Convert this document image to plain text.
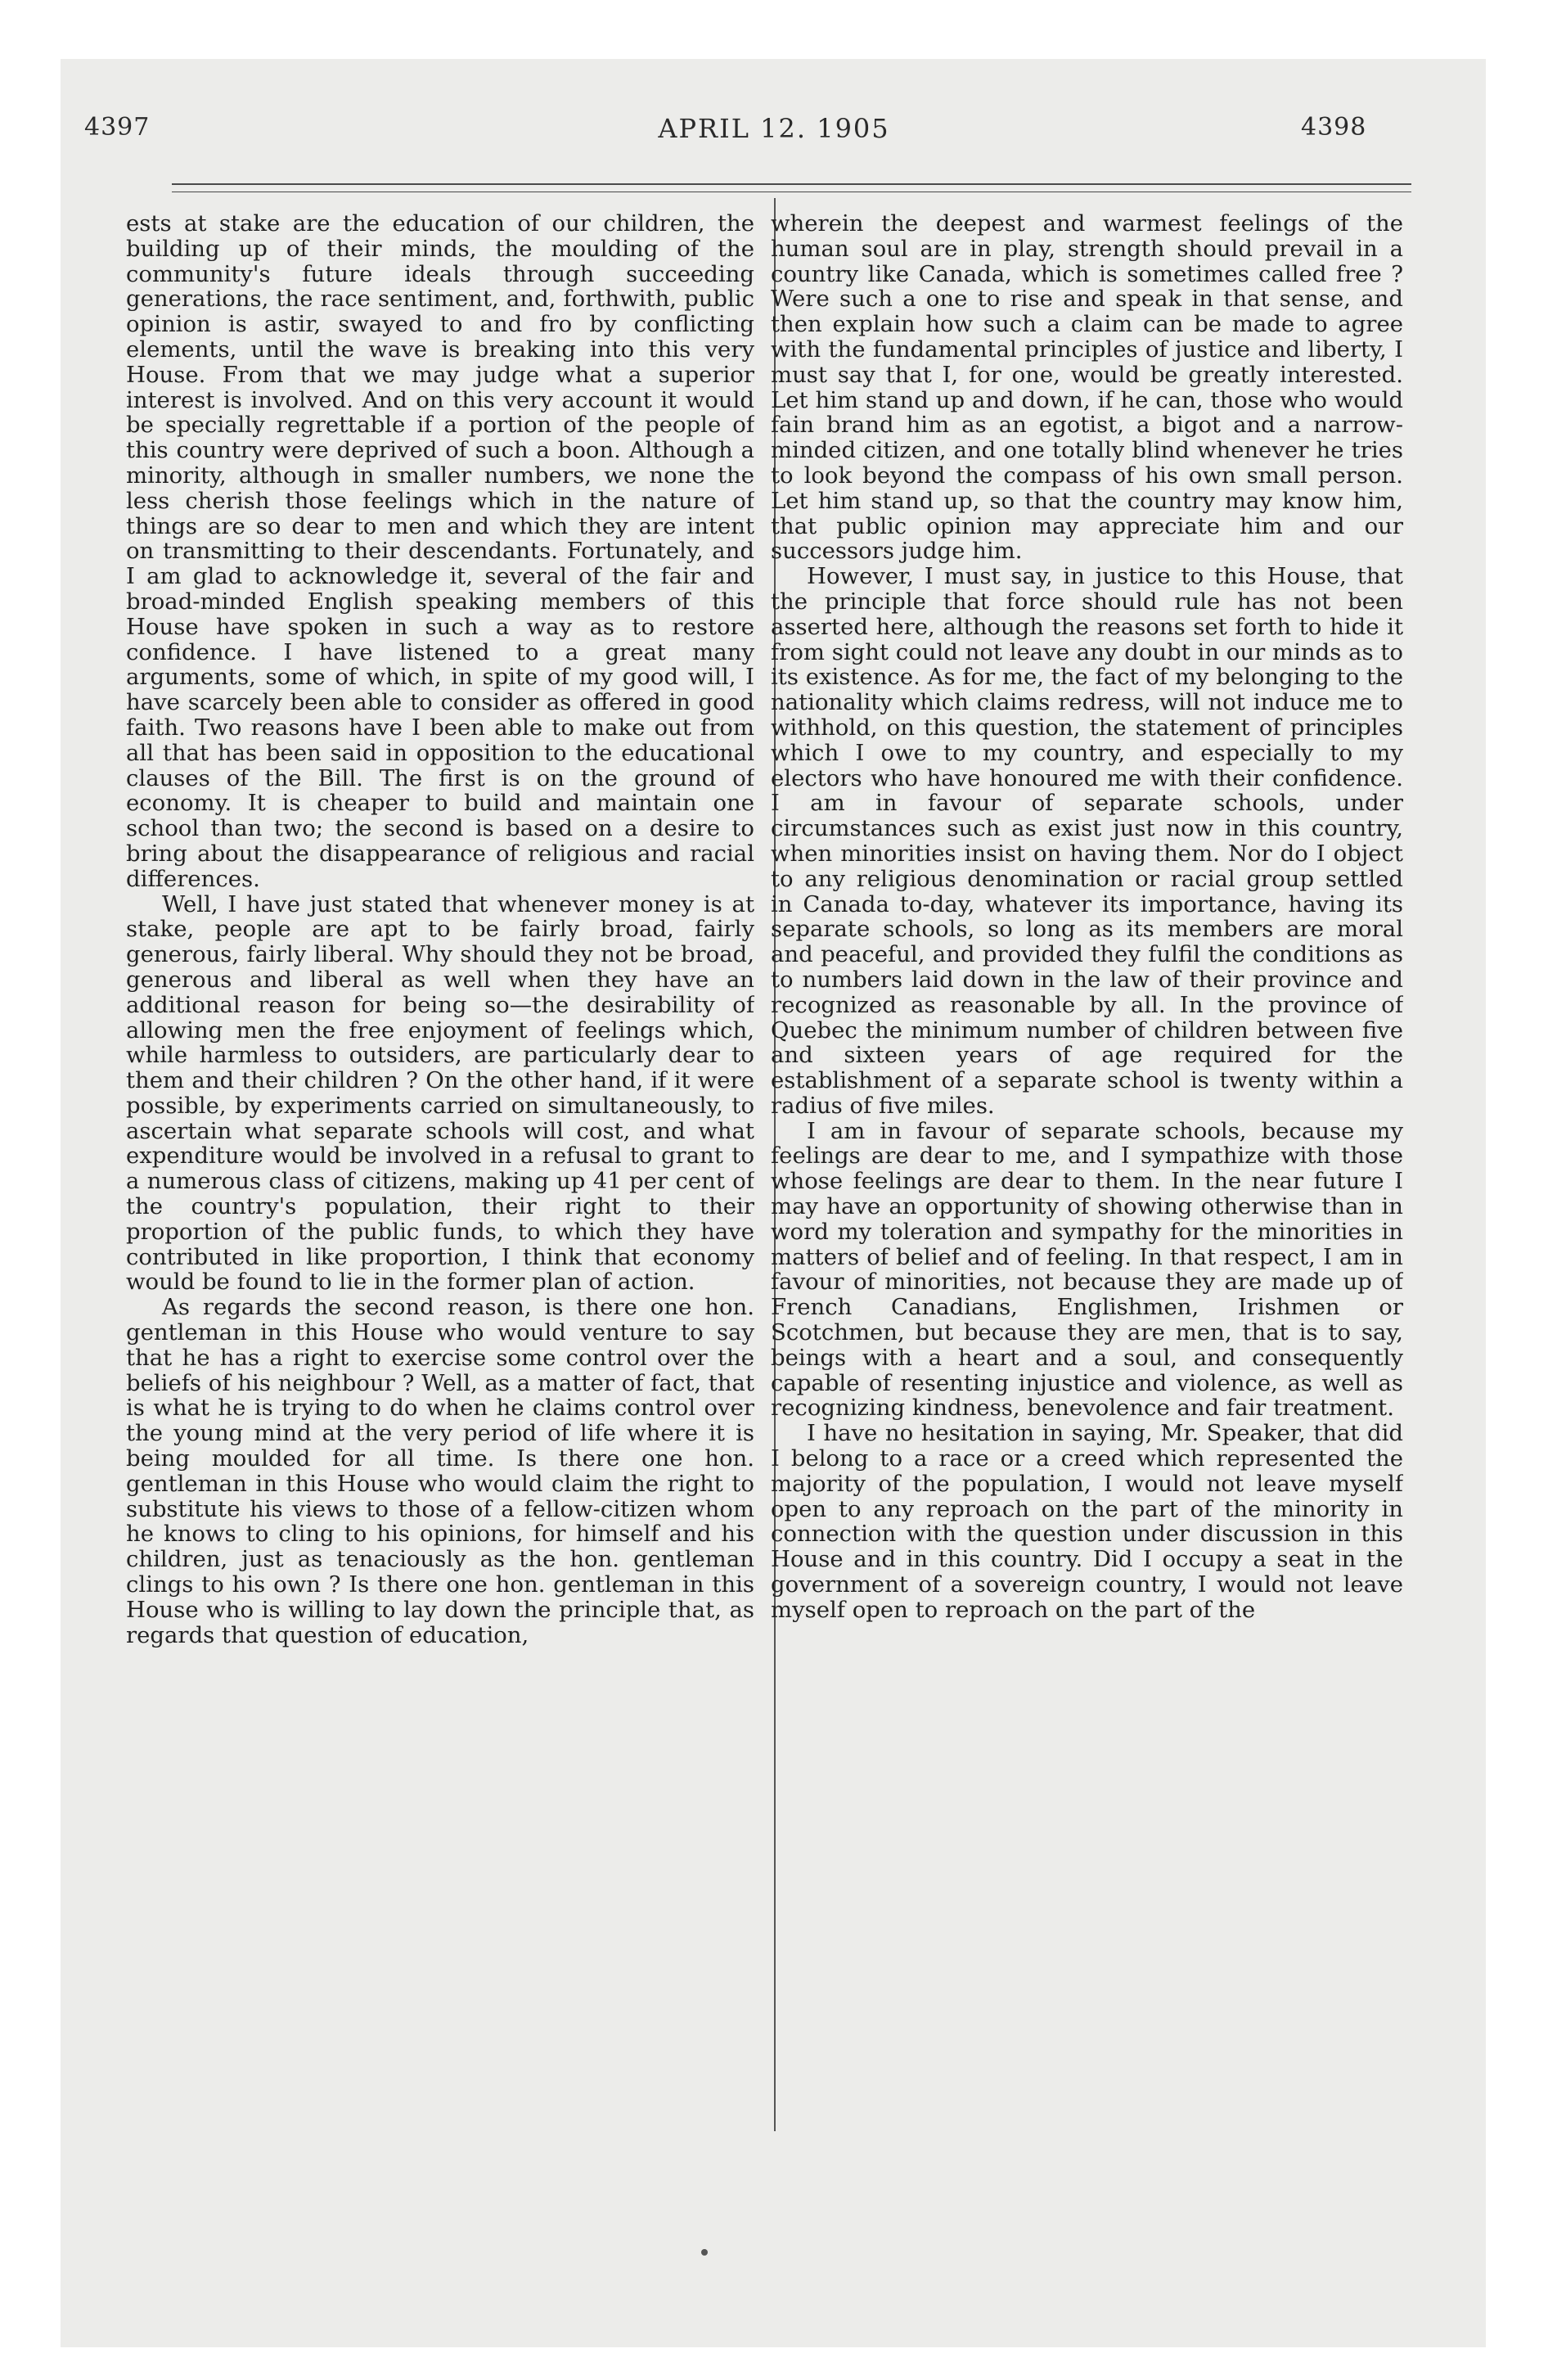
4397	APRIL 12. 1905	4398

ests at stake are the education of our children, the building up of their minds, the moulding of the community's future ideals through succeeding generations, the race sentiment, and, forthwith, public opinion is astir, swayed to and fro by conflicting elements, until the wave is breaking into this very House. From that we may judge what a superior interest is involved. And on this very account it would be specially regrettable if a portion of the people of this country were deprived of such a boon. Although a minority, although in smaller numbers, we none the less cherish those feelings which in the nature of things are so dear to men and which they are intent on transmitting to their descendants. Fortunately, and I am glad to acknowledge it, several of the fair and broad-minded English speaking members of this House have spoken in such a way as to restore confidence. I have listened to a great many arguments, some of which, in spite of my good will, I have scarcely been able to consider as offered in good faith. Two reasons have I been able to make out from all that has been said in opposition to the educational clauses of the Bill. The first is on the ground of economy. It is cheaper to build and maintain one school than two; the second is based on a desire to bring about the disappearance of religious and racial differences.

Well, I have just stated that whenever money is at stake, people are apt to be fairly broad, fairly generous, fairly liberal. Why should they not be broad, generous and liberal as well when they have an additional reason for being so—the desirability of allowing men the free enjoyment of feelings which, while harmless to outsiders, are particularly dear to them and their children ? On the other hand, if it were possible, by experiments carried on simultaneously, to ascertain what separate schools will cost, and what expenditure would be involved in a refusal to grant to a numerous class of citizens, making up 41 per cent of the country's population, their right to their proportion of the public funds, to which they have contributed in like proportion, I think that economy would be found to lie in the former plan of action.

As regards the second reason, is there one hon. gentleman in this House who would venture to say that he has a right to exercise some control over the beliefs of his neighbour ? Well, as a matter of fact, that is what he is trying to do when he claims control over the young mind at the very period of life where it is being moulded for all time. Is there one hon. gentleman in this House who would claim the right to substitute his views to those of a fellow-citizen whom he knows to cling to his opinions, for himself and his children, just as tenaciously as the hon. gentleman clings to his own ? Is there one hon. gentleman in this House who is willing to lay down the principle that, as regards that question of education,

wherein the deepest and warmest feelings of the human soul are in play, strength should prevail in a country like Canada, which is sometimes called free ? Were such a one to rise and speak in that sense, and then explain how such a claim can be made to agree with the fundamental principles of justice and liberty, I must say that I, for one, would be greatly interested. Let him stand up and down, if he can, those who would fain brand him as an egotist, a bigot and a narrow-minded citizen, and one totally blind whenever he tries to look beyond the compass of his own small person. Let him stand up, so that the country may know him, that public opinion may appreciate him and our successors judge him.

However, I must say, in justice to this House, that the principle that force should rule has not been asserted here, although the reasons set forth to hide it from sight could not leave any doubt in our minds as to its existence. As for me, the fact of my belonging to the nationality which claims redress, will not induce me to withhold, on this question, the statement of principles which I owe to my country, and especially to my electors who have honoured me with their confidence. I am in favour of separate schools, under circumstances such as exist just now in this country, when minorities insist on having them. Nor do I object to any religious denomination or racial group settled in Canada to-day, whatever its importance, having its separate schools, so long as its members are moral and peaceful, and provided they fulfil the conditions as to numbers laid down in the law of their province and recognized as reasonable by all. In the province of Quebec the minimum number of children between five and sixteen years of age required for the establishment of a separate school is twenty within a radius of five miles.

I am in favour of separate schools, because my feelings are dear to me, and I sympathize with those whose feelings are dear to them. In the near future I may have an opportunity of showing otherwise than in word my toleration and sympathy for the minorities in matters of belief and of feeling. In that respect, I am in favour of minorities, not because they are made up of French Canadians, Englishmen, Irishmen or Scotchmen, but because they are men, that is to say, beings with a heart and a soul, and consequently capable of resenting injustice and violence, as well as recognizing kindness, benevolence and fair treatment.

I have no hesitation in saying, Mr. Speaker, that did I belong to a race or a creed which represented the majority of the population, I would not leave myself open to any reproach on the part of the minority in connection with the question under discussion in this House and in this country. Did I occupy a seat in the government of a sovereign country, I would not leave myself open to reproach on the part of the
